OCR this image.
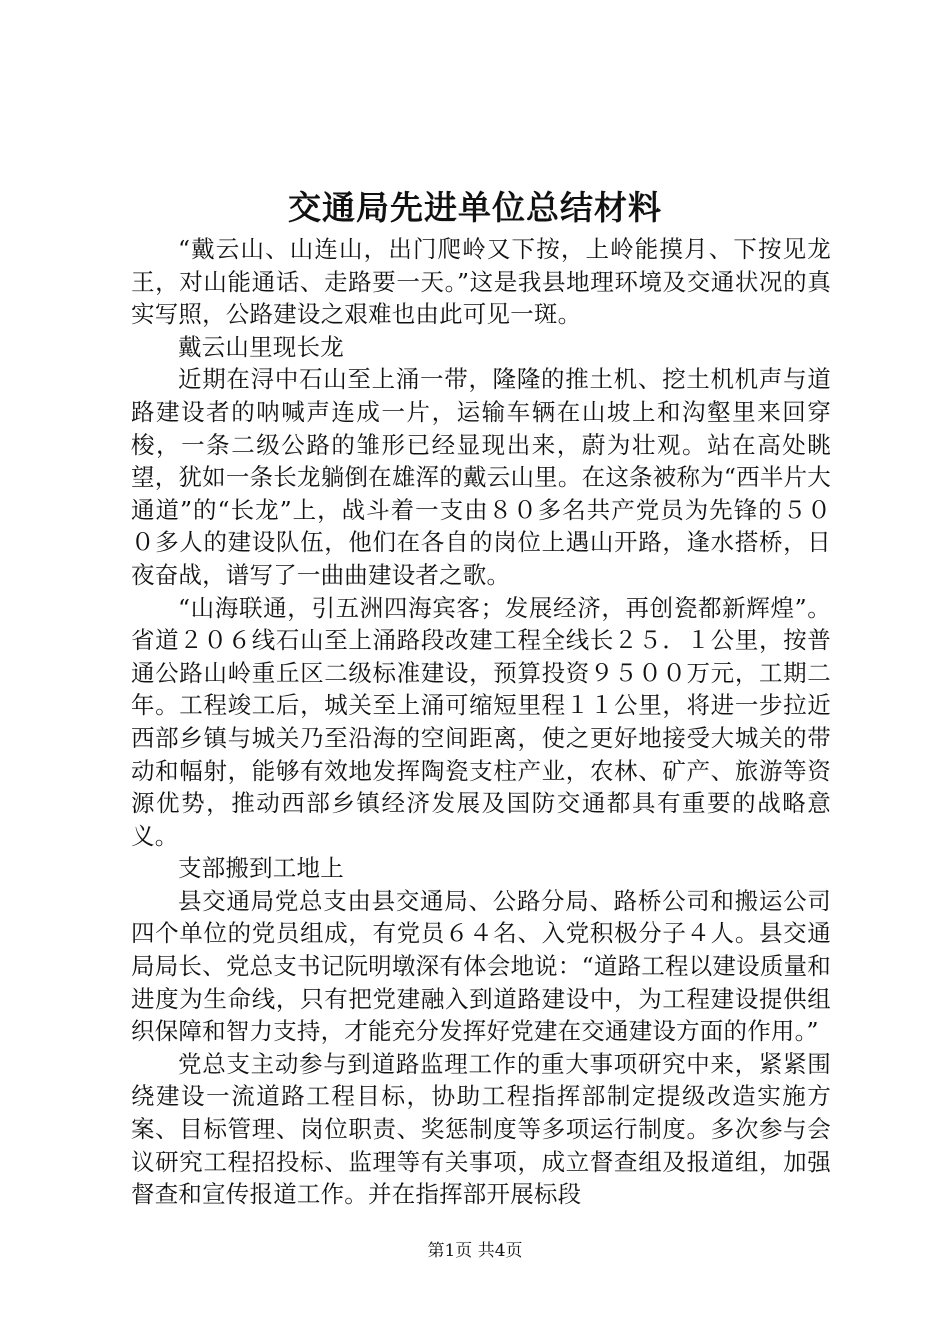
交通局先进单位总结材料

“戴云山、山连山，出门爬岭又下按，上岭能摸月、下按见龙王，对山能通话、走路要一天。”这是我县地理环境及交通状况的真实写照，公路建设之艰难也由此可见一斑。

戴云山里现长龙

近期在浔中石山至上涌一带，隆隆的推土机、挖土机机声与道路建设者的呐喊声连成一片，运输车辆在山坡上和沟壑里来回穿梭，一条二级公路的雏形已经显现出来，蔚为壮观。站在高处眺望，犹如一条长龙躺倒在雄浑的戴云山里。在这条被称为“西半片大通道”的“长龙”上，战斗着一支由８０多名共产党员为先锋的５００多人的建设队伍，他们在各自的岗位上遇山开路，逢水搭桥，日夜奋战，谱写了一曲曲建设者之歌。

“山海联通，引五洲四海宾客；发展经济，再创瓷都新辉煌”。省道２０６线石山至上涌路段改建工程全线长２５．１公里，按普通公路山岭重丘区二级标准建设，预算投资９５００万元，工期二年。工程竣工后，城关至上涌可缩短里程１１公里，将进一步拉近西部乡镇与城关乃至沿海的空间距离，使之更好地接受大城关的带动和幅射，能够有效地发挥陶瓷支柱产业，农林、矿产、旅游等资源优势，推动西部乡镇经济发展及国防交通都具有重要的战略意义。

支部搬到工地上

县交通局党总支由县交通局、公路分局、路桥公司和搬运公司四个单位的党员组成，有党员６４名、入党积极分子４人。县交通局局长、党总支书记阮明墩深有体会地说：“道路工程以建设质量和进度为生命线，只有把党建融入到道路建设中，为工程建设提供组织保障和智力支持，才能充分发挥好党建在交通建设方面的作用。”

党总支主动参与到道路监理工作的重大事项研究中来，紧紧围绕建设一流道路工程目标，协助工程指挥部制定提级改造实施方案、目标管理、岗位职责、奖惩制度等多项运行制度。多次参与会议研究工程招投标、监理等有关事项，成立督查组及报道组，加强督查和宣传报道工作。并在指挥部开展标段

第1页 共4页
